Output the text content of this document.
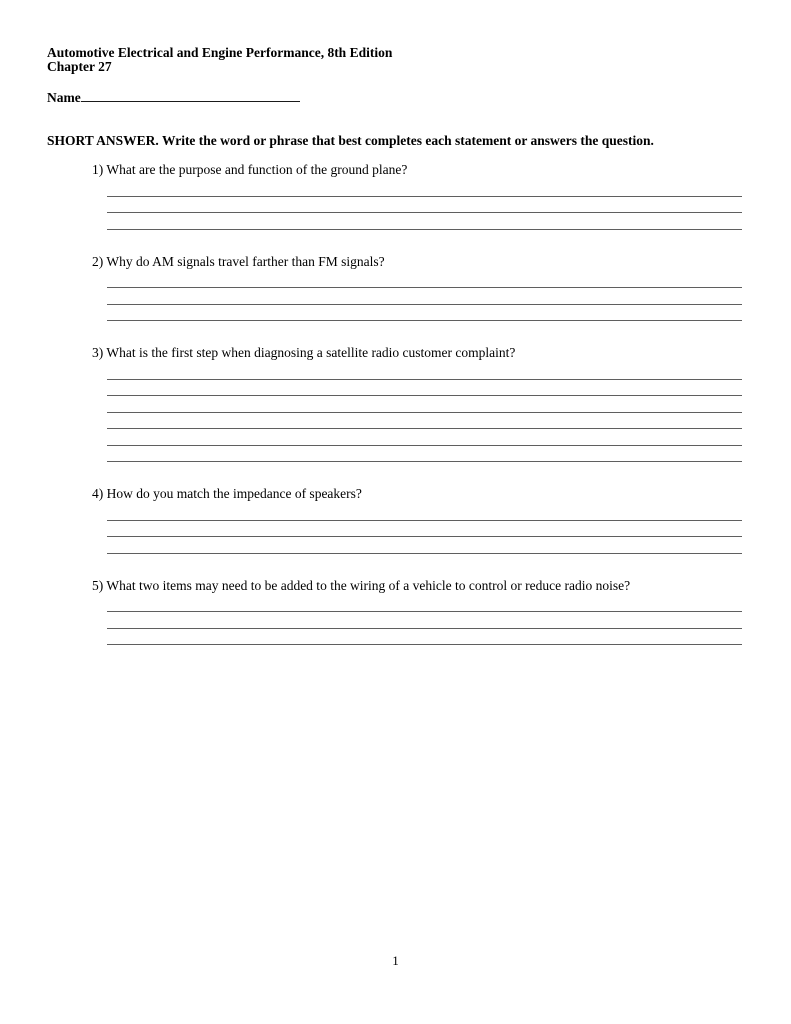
Automotive Electrical and Engine Performance, 8th Edition
Chapter 27
Name
SHORT ANSWER. Write the word or phrase that best completes each statement or answers the question.
1) What are the purpose and function of the ground plane?
2) Why do AM signals travel farther than FM signals?
3) What is the first step when diagnosing a satellite radio customer complaint?
4) How do you match the impedance of speakers?
5) What two items may need to be added to the wiring of a vehicle to control or reduce radio noise?
1
